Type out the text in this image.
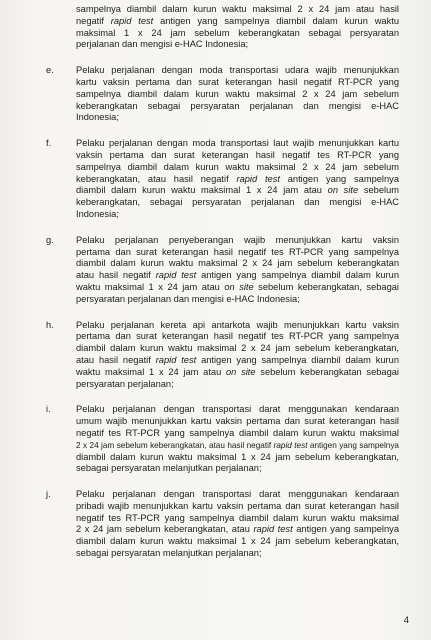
sampelnya diambil dalam kurun waktu maksimal 2 x 24 jam atau hasil
negatif rapid test antigen yang sampelnya diambil dalam kurun waktu
maksimal 1 x 24 jam sebelum keberangkatan sebagai persyaratan
perjalanan dan mengisi e-HAC Indonesia;
e.	Pelaku perjalanan dengan moda transportasi udara wajib menunjukkan
kartu vaksin pertama dan surat keterangan hasil negatif RT-PCR yang
sampelnya diambil dalam kurun waktu maksimal 2 x 24 jam sebelum
keberangkatan sebagai persyaratan perjalanan dan mengisi e-HAC
Indonesia;
f.	Pelaku perjalanan dengan moda transportasi laut wajib menunjukkan kartu
vaksin pertama dan surat keterangan hasil negatif tes RT-PCR yang
sampelnya diambil dalam kurun waktu maksimal 2 x 24 jam sebelum
keberangkatan, atau hasil negatif rapid test antigen yang sampelnya
diambil dalam kurun waktu maksimal 1 x 24 jam atau on site sebelum
keberangkatan, sebagai persyaratan perjalanan dan mengisi e-HAC
Indonesia;
g.	Pelaku perjalanan penyeberangan wajib menunjukkan kartu vaksin
pertama dan surat keterangan hasil negatif tes RT-PCR yang sampelnya
diambil dalam kurun waktu maksimal 2 x 24 jam sebelum keberangkatan
atau hasil negatif rapid test antigen yang sampelnya diambil dalam kurun
waktu maksimal 1 x 24 jam atau on site sebelum keberangkatan, sebagai
persyaratan perjalanan dan mengisi e-HAC Indonesia;
h.	Pelaku perjalanan kereta api antarkota wajib menunjukkan kartu vaksin
pertama dan surat keterangan hasil negatif tes RT-PCR yang sampelnya
diambil dalam kurun waktu maksimal 2 x 24 jam sebelum keberangkatan,
atau hasil negatif rapid test antigen yang sampelnya diambil dalam kurun
waktu maksimal 1 x 24 jam atau on site sebelum keberangkatan sebagai
persyaratan perjalanan;
i.	Pelaku perjalanan dengan transportasi darat menggunakan kendaraan
umum wajib menunjukkan kartu vaksin pertama dan surat keterangan hasil
negatif tes RT-PCR yang sampelnya diambil dalam kurun waktu maksimal
2 x 24 jam sebelum keberangkatan, atau hasil negatif rapid test antigen yang sampelnya
diambil dalam kurun waktu maksimal 1 x 24 jam sebelum keberangkatan,
sebagai persyaratan melanjutkan perjalanan;
j.	Pelaku perjalanan dengan transportasi darat menggunakan kendaraan
pribadi wajib menunjukkan kartu vaksin pertama dan surat keterangan hasil
negatif tes RT-PCR yang sampelnya diambil dalam kurun waktu maksimal
2 x 24 jam sebelum keberangkatan, atau rapid test antigen yang sampelnya
diambil dalam kurun waktu maksimal 1 x 24 jam sebelum keberangkatan,
sebagai persyaratan melanjutkan perjalanan;
4
